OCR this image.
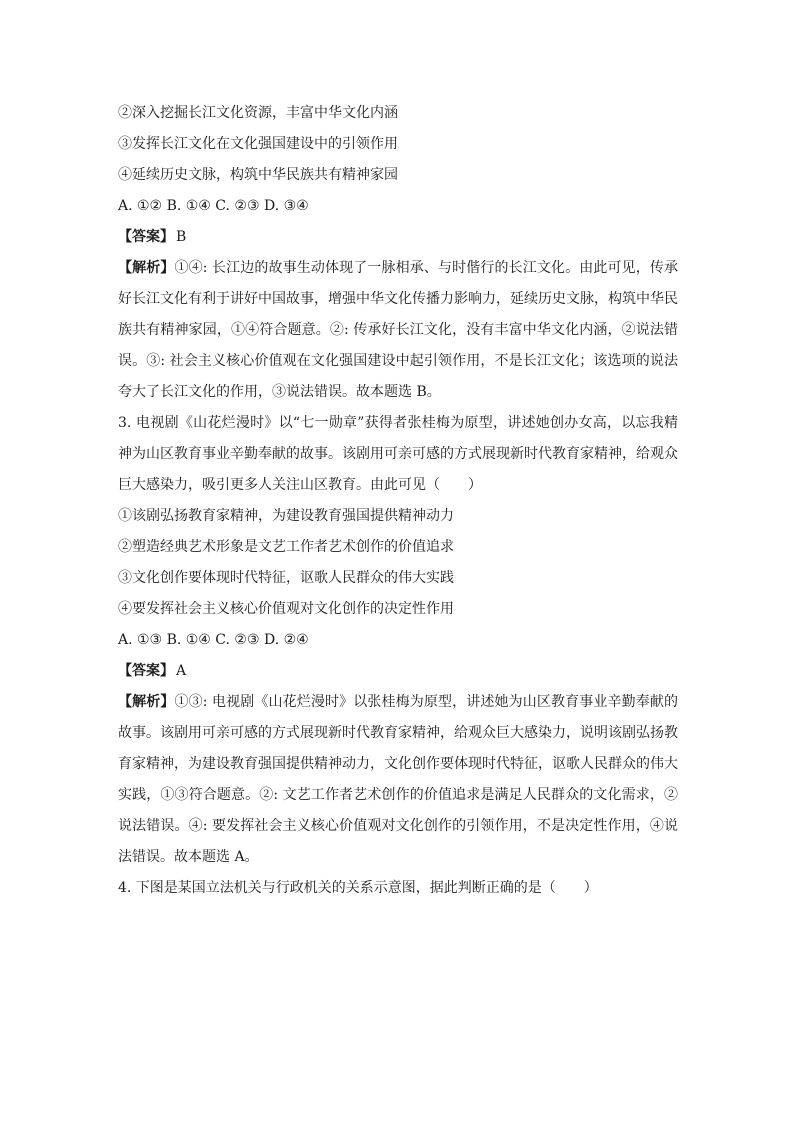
②深入挖掘长江文化资源，丰富中华文化内涵
③发挥长江文化在文化强国建设中的引领作用
④延续历史文脉，构筑中华民族共有精神家园
A. ①② B. ①④ C. ②③ D. ③④
【答案】 B
【解析】①④: 长江边的故事生动体现了一脉相承、与时偕行的长江文化。由此可见，传承好长江文化有利于讲好中国故事，增强中华文化传播力影响力，延续历史文脉，构筑中华民族共有精神家园，①④符合题意。②: 传承好长江文化，没有丰富中华文化内涵，②说法错误。③: 社会主义核心价值观在文化强国建设中起引领作用，不是长江文化；该选项的说法夸大了长江文化的作用，③说法错误。故本题选 B。
3. 电视剧《山花烂漫时》以“七一勋章”获得者张桂梅为原型，讲述她创办女高，以忘我精神为山区教育事业辛勤奉献的故事。该剧用可亲可感的方式展现新时代教育家精神，给观众巨大感染力，吸引更多人关注山区教育。由此可见（　　）
①该剧弘扬教育家精神，为建设教育强国提供精神动力
②塑造经典艺术形象是文艺工作者艺术创作的价值追求
③文化创作要体现时代特征，讴歌人民群众的伟大实践
④要发挥社会主义核心价值观对文化创作的决定性作用
A. ①③ B. ①④ C. ②③ D. ②④
【答案】 A
【解析】①③: 电视剧《山花烂漫时》以张桂梅为原型，讲述她为山区教育事业辛勤奉献的故事。该剧用可亲可感的方式展现新时代教育家精神，给观众巨大感染力，说明该剧弘扬教育家精神，为建设教育强国提供精神动力，文化创作要体现时代特征，讴歌人民群众的伟大实践，①③符合题意。②: 文艺工作者艺术创作的价值追求是满足人民群众的文化需求，②说法错误。④: 要发挥社会主义核心价值观对文化创作的引领作用，不是决定性作用，④说法错误。故本题选 A。
4. 下图是某国立法机关与行政机关的关系示意图，据此判断正确的是（　　）
